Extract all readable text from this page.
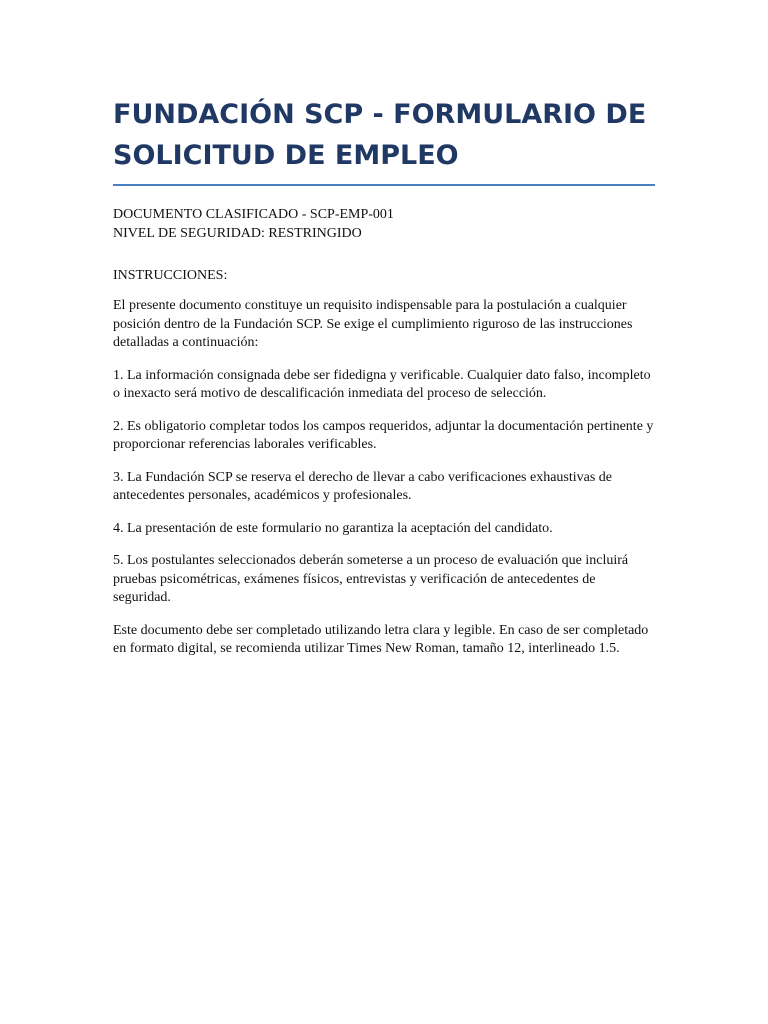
FUNDACIÓN SCP - FORMULARIO DE SOLICITUD DE EMPLEO
DOCUMENTO CLASIFICADO - SCP-EMP-001
NIVEL DE SEGURIDAD: RESTRINGIDO
INSTRUCCIONES:

El presente documento constituye un requisito indispensable para la postulación a cualquier posición dentro de la Fundación SCP. Se exige el cumplimiento riguroso de las instrucciones detalladas a continuación:

1. La información consignada debe ser fidedigna y verificable. Cualquier dato falso, incompleto o inexacto será motivo de descalificación inmediata del proceso de selección.

2. Es obligatorio completar todos los campos requeridos, adjuntar la documentación pertinente y proporcionar referencias laborales verificables.

3. La Fundación SCP se reserva el derecho de llevar a cabo verificaciones exhaustivas de antecedentes personales, académicos y profesionales.

4. La presentación de este formulario no garantiza la aceptación del candidato.

5. Los postulantes seleccionados deberán someterse a un proceso de evaluación que incluirá pruebas psicométricas, exámenes físicos, entrevistas y verificación de antecedentes de seguridad.

Este documento debe ser completado utilizando letra clara y legible. En caso de ser completado en formato digital, se recomienda utilizar Times New Roman, tamaño 12, interlineado 1.5.
